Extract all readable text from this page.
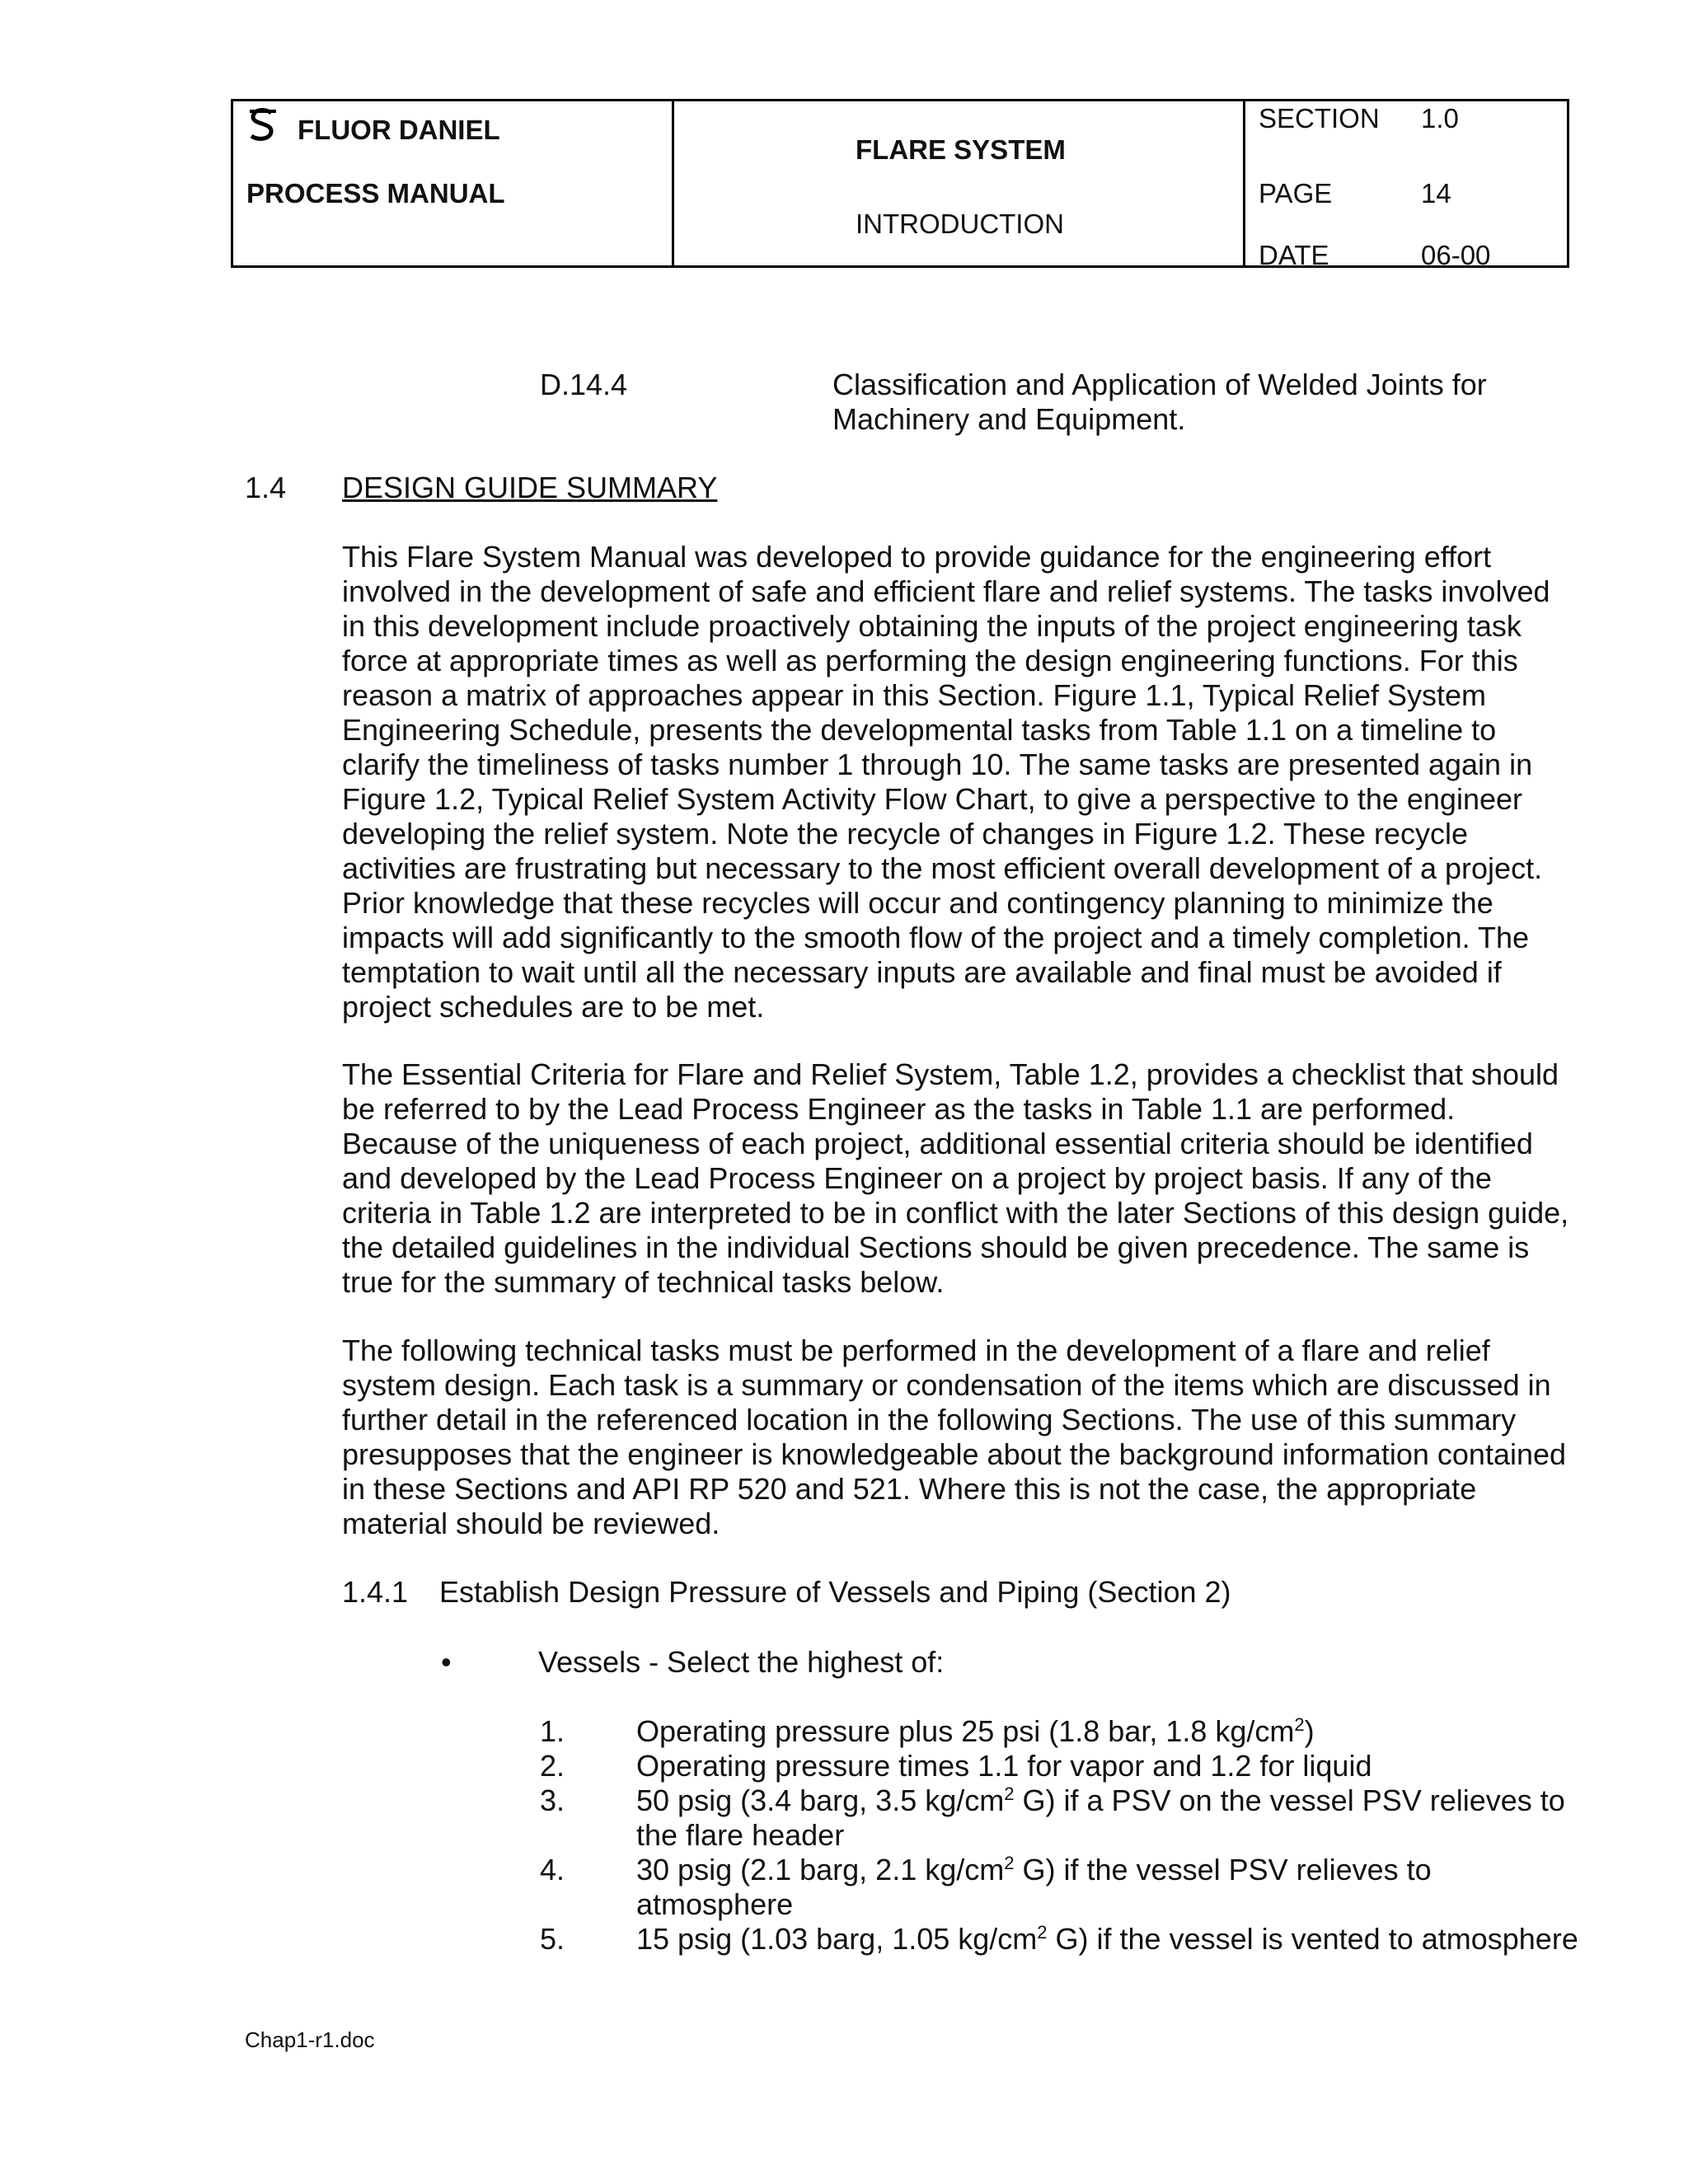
FLUOR DANIEL
PROCESS MANUAL
FLARE SYSTEM
INTRODUCTION
SECTION 1.0
PAGE	14
DATE	06-00
D.14.4	Classification and Application of Welded Joints for
Machinery and Equipment.
1.4 DESIGN GUIDE SUMMARY

This Flare System Manual was developed to provide guidance for the engineering effort involved in the development of safe and efficient flare and relief systems. The tasks involved in this development include proactively obtaining the inputs of the project engineering task force at appropriate times as well as performing the design engineering functions. For this reason a matrix of approaches appear in this Section. Figure 1.1, Typical Relief System Engineering Schedule, presents the developmental tasks from Table 1.1 on a timeline to clarify the timeliness of tasks number 1 through 10. The same tasks are presented again in Figure 1.2, Typical Relief System Activity Flow Chart, to give a perspective to the engineer developing the relief system. Note the recycle of changes in Figure 1.2. These recycle activities are frustrating but necessary to the most efficient overall development of a project. Prior knowledge that these recycles will occur and contingency planning to minimize the impacts will add significantly to the smooth flow of the project and a timely completion. The temptation to wait until all the necessary inputs are available and final must be avoided if project schedules are to be met.

The Essential Criteria for Flare and Relief System, Table 1.2, provides a checklist that should be referred to by the Lead Process Engineer as the tasks in Table 1.1 are performed. Because of the uniqueness of each project, additional essential criteria should be identified and developed by the Lead Process Engineer on a project by project basis. If any of the criteria in Table 1.2 are interpreted to be in conflict with the later Sections of this design guide, the detailed guidelines in the individual Sections should be given precedence. The same is true for the summary of technical tasks below.

The following technical tasks must be performed in the development of a flare and relief system design. Each task is a summary or condensation of the items which are discussed in further detail in the referenced location in the following Sections. The use of this summary presupposes that the engineer is knowledgeable about the background information contained in these Sections and API RP 520 and 521. Where this is not the case, the appropriate material should be reviewed.

1.4.1 Establish Design Pressure of Vessels and Piping (Section 2)
•	Vessels - Select the highest of:
1. Operating pressure plus 25 psi (1.8 bar, 1.8 $kg/cm^2$)
2. Operating pressure times 1.1 for vapor and 1.2 for liquid
3. 50 psig (3.4 barg, 3.5 $kg/cm^2$ G) if a PSV on the vessel PSV relieves to the flare header
4. 30 psig (2.1 barg, 2.1 $kg/cm^2$ G) if the vessel PSV relieves to atmosphere
5. 15 psig (1.03 barg, 1.05 $kg/cm^2$ G) if the vessel is vented to atmosphere
Chap1-r1.doc
